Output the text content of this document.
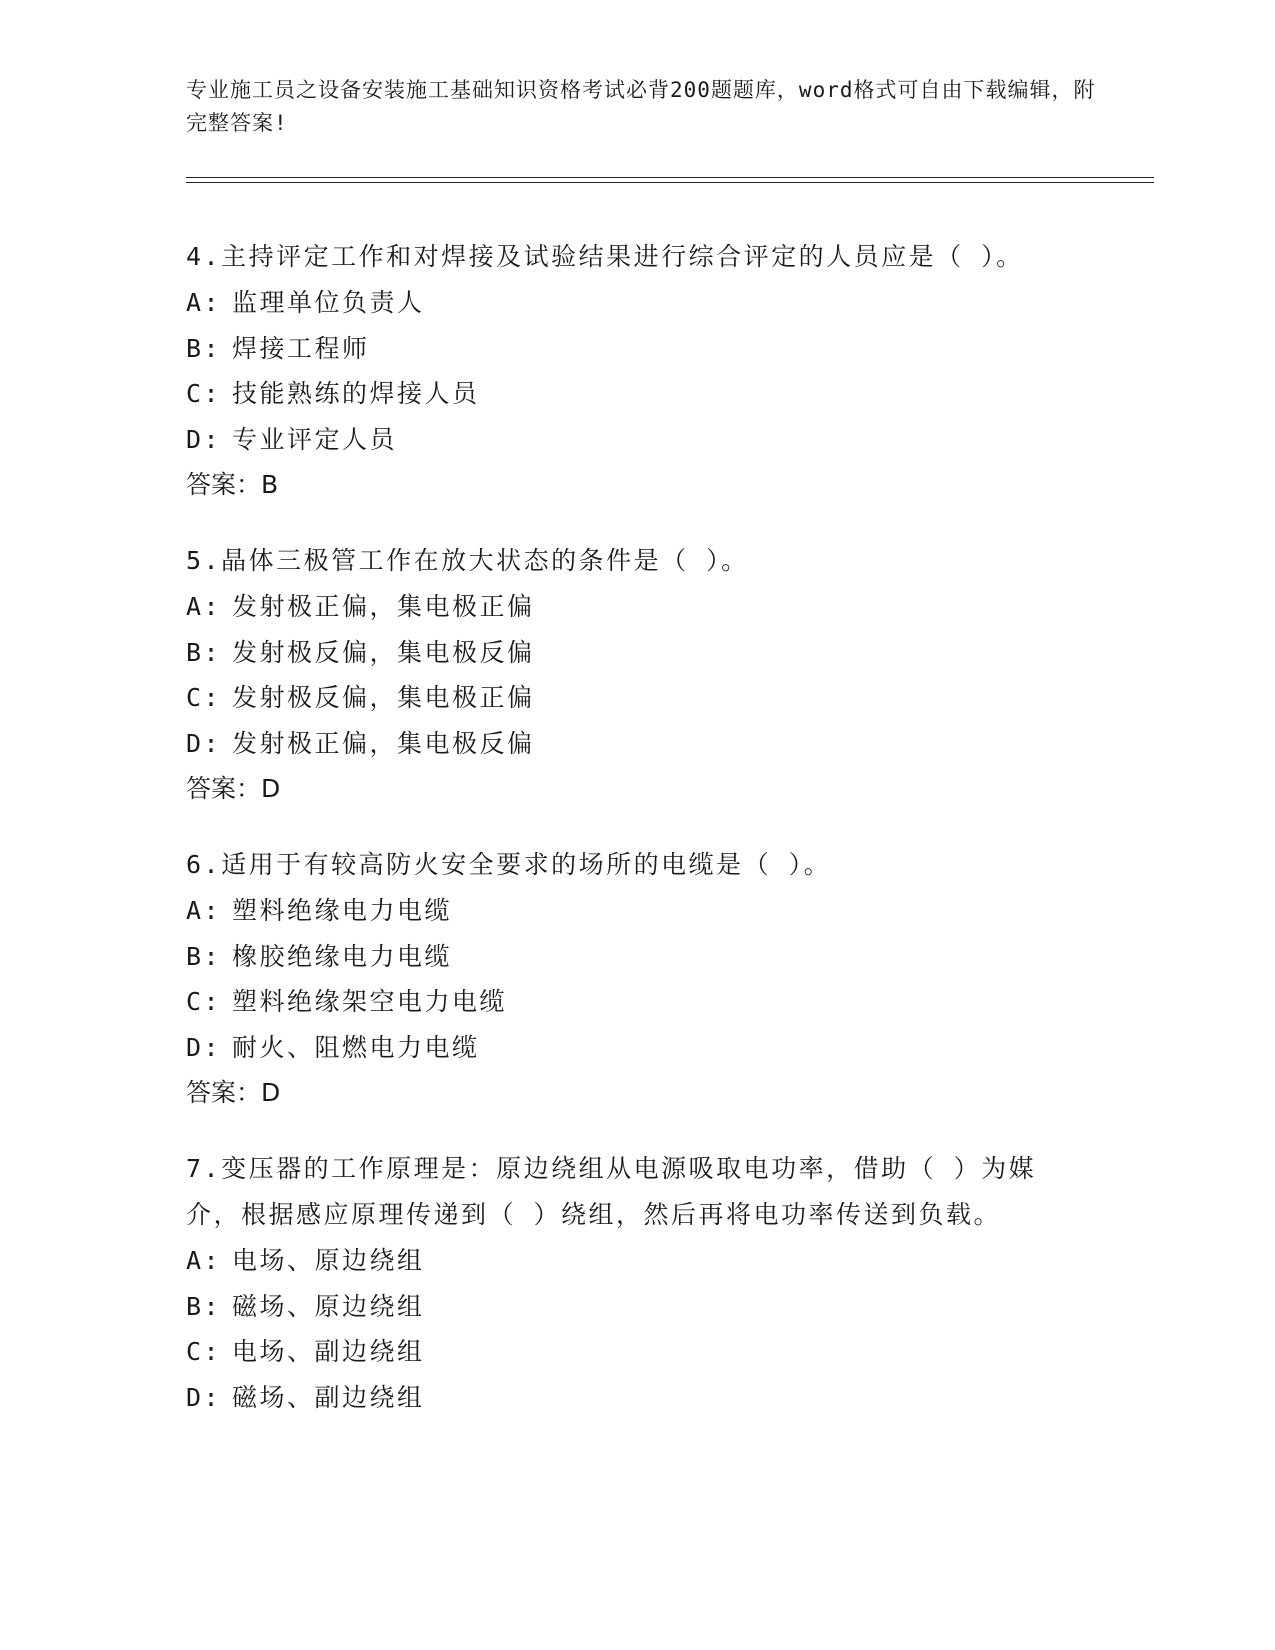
专业施工员之设备安装施工基础知识资格考试必背200题题库，word格式可自由下载编辑，附完整答案!
4.主持评定工作和对焊接及试验结果进行综合评定的人员应是（ ）。
A: 监理单位负责人
B: 焊接工程师
C: 技能熟练的焊接人员
D: 专业评定人员
答案：B
5.晶体三极管工作在放大状态的条件是（ ）。
A: 发射极正偏，集电极正偏
B: 发射极反偏，集电极反偏
C: 发射极反偏，集电极正偏
D: 发射极正偏，集电极反偏
答案：D
6.适用于有较高防火安全要求的场所的电缆是（ ）。
A: 塑料绝缘电力电缆
B: 橡胶绝缘电力电缆
C: 塑料绝缘架空电力电缆
D: 耐火、阻燃电力电缆
答案：D
7.变压器的工作原理是：原边绕组从电源吸取电功率，借助（ ）为媒介，根据感应原理传递到（ ）绕组，然后再将电功率传送到负载。
A: 电场、原边绕组
B: 磁场、原边绕组
C: 电场、副边绕组
D: 磁场、副边绕组
